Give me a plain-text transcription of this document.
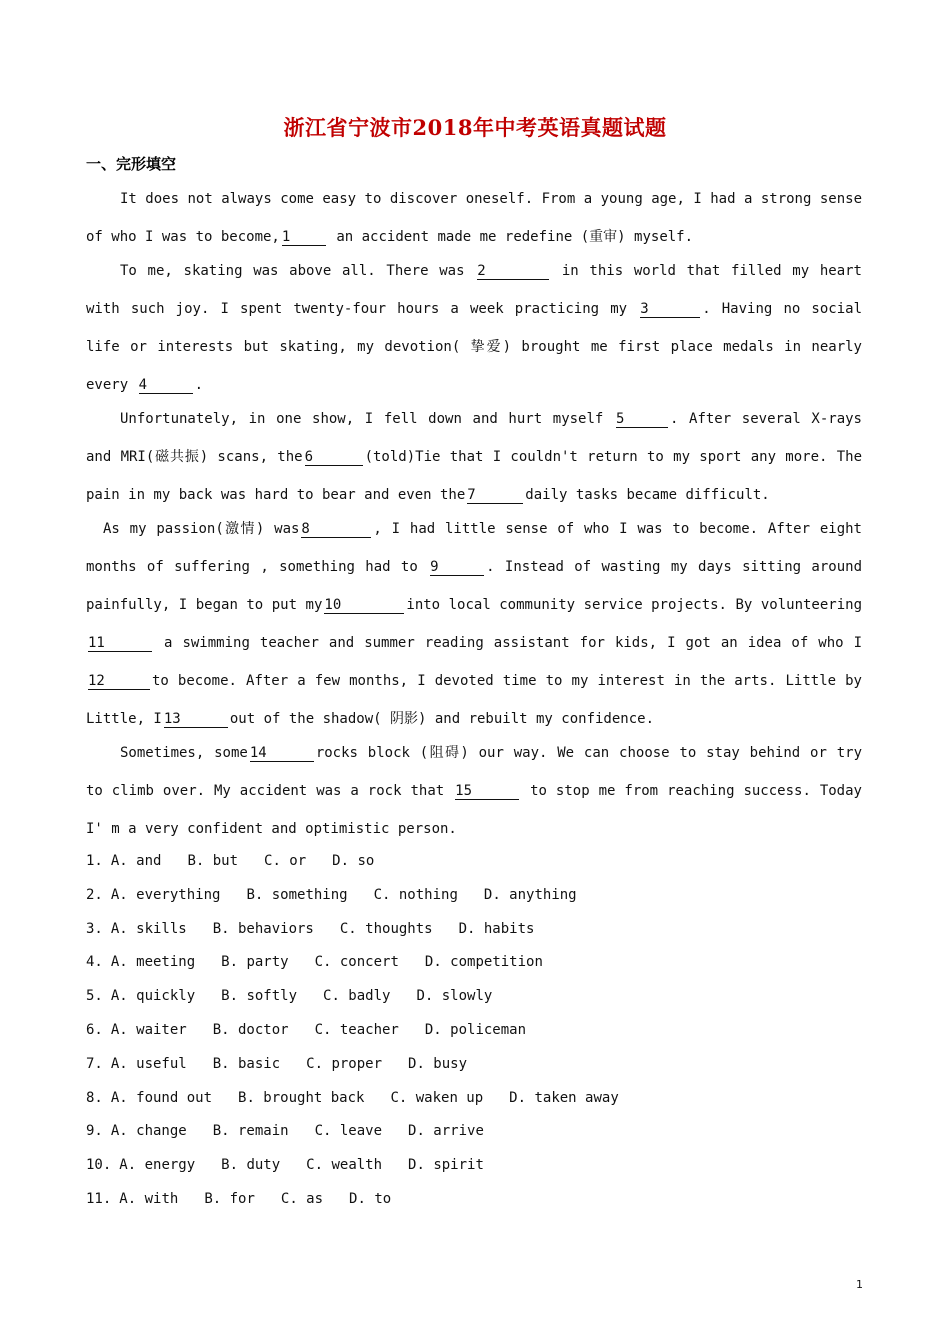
浙江省宁波市2018年中考英语真题试题
一、完形填空

It does not always come easy to discover oneself. From a young age, I had a strong sense of who I was to become, 1	an accident made me redefine (重审) myself.

To me, skating was above all. There was 2	in this world that filled my heart with such joy. I spent twenty-four hours a week practicing my 3	. Having no social life or interests but skating, my devotion( 挚爱) brought me first place medals in nearly every 4	.

Unfortunately, in one show, I fell down and hurt myself 5	. After several X-rays and MRI(磁共振) scans, the 6	(told)Tie that I couldn't return to my sport any more. The pain in my back was hard to bear and even the 7	daily tasks became difficult.

As my passion(激情) was 8	, I had little sense of who I was to become. After eight months of suffering , something had to 9	. Instead of wasting my days sitting around painfully, I began to put my 10	into local community service projects. By volunteering 11	a swimming teacher and summer reading assistant for kids, I got an idea of who I12	to become. After a few months, I devoted time to my interest in the arts. Little by Little, I 13	out of the shadow( 阴影) and rebuilt my confidence.

Sometimes, some 14	rocks block (阻碍) our way. We can choose to stay behind or try to climb over. My accident was a rock that 15	to stop me from reaching success. Today I' m a very confident and optimistic person.

1. A. and B. but C. or D. so
2. A. everything B. something C. nothing D. anything
3. A. skills B. behaviors C. thoughts D. habits
4. A. meeting B. party C. concert D. competition
5. A. quickly B. softly C. badly D. slowly
6. A. waiter B. doctor C. teacher D. policeman
7. A. useful B. basic C. proper D. busy
8. A. found out B. brought back C. waken up D. taken away
9. A. change B. remain C. leave D. arrive
10. A. energy B. duty C. wealth D. spirit
11. A. with B. for C. as D. to
1
